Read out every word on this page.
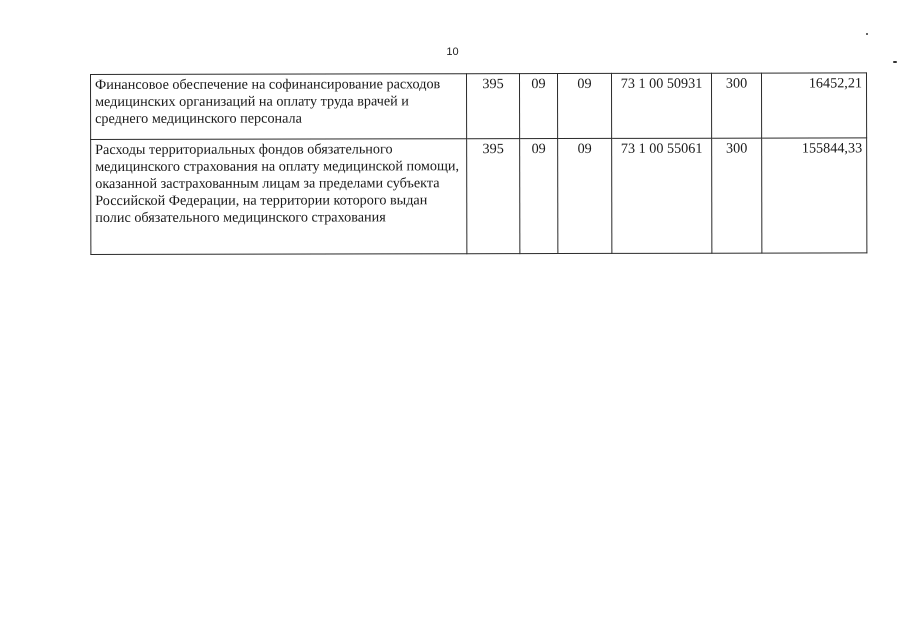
10
Финансовое обеспечение на софинансирование расходов медицинских организаций на оплату труда врачей и среднего медицинского персонала	395	09	09	73 1 00 50931	300	16452,21
Расходы территориальных фондов обязательного медицинского страхования на оплату медицинской помощи, оказанной застрахованным лицам за пределами субъекта Российской Федерации, на территории которого выдан полис обязательного медицинского страхования	395	09	09	73 1 00 55061	300	155844,33
